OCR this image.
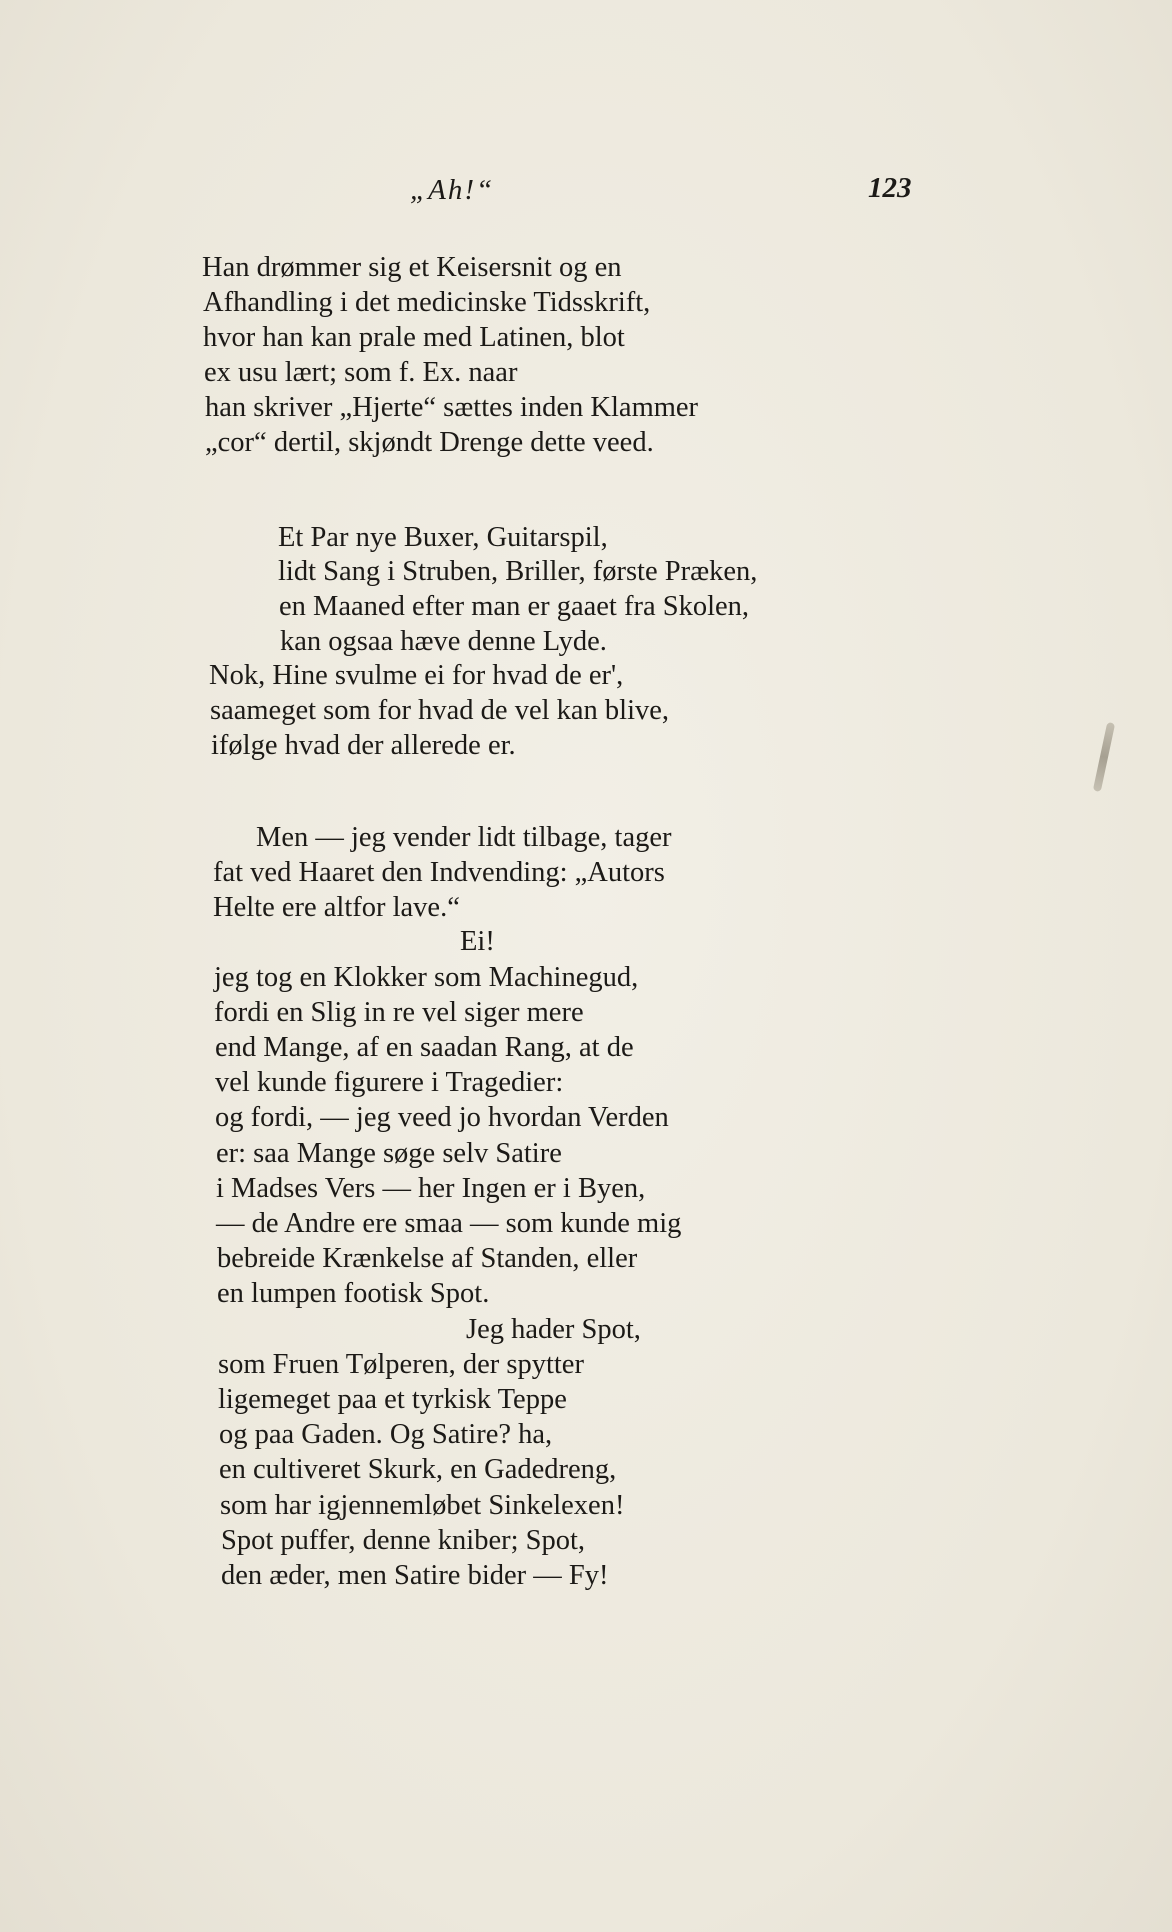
„Ah!“	123
Han drømmer sig et Keisersnit og en
Afhandling i det medicinske Tidsskrift,
hvor han kan prale med Latinen, blot
ex usu lært; som f. Ex. naar
han skriver „Hjerte“ sættes inden Klammer
„cor“ dertil, skjøndt Drenge dette veed.
Et Par nye Buxer, Guitarspil,
lidt Sang i Struben, Briller, første Præken,
en Maaned efter man er gaaet fra Skolen,
kan ogsaa hæve denne Lyde.
Nok, Hine svulme ei for hvad de er',
saameget som for hvad de vel kan blive,
ifølge hvad der allerede er.
Men — jeg vender lidt tilbage, tager
fat ved Haaret den Indvending: „Autors
Helte ere altfor lave.“
Ei!
jeg tog en Klokker som Machinegud,
fordi en Slig in re vel siger mere
end Mange, af en saadan Rang, at de
vel kunde figurere i Tragedier:
og fordi, — jeg veed jo hvordan Verden
er: saa Mange søge selv Satire
i Madses Vers — her Ingen er i Byen,
— de Andre ere smaa — som kunde mig
bebreide Krænkelse af Standen, eller
en lumpen footisk Spot.
Jeg hader Spot,
som Fruen Tølperen, der spytter
ligemeget paa et tyrkisk Teppe
og paa Gaden. Og Satire? ha,
en cultiveret Skurk, en Gadedreng,
som har igjennemløbet Sinkelexen!
Spot puffer, denne kniber; Spot,
den æder, men Satire bider — Fy!
